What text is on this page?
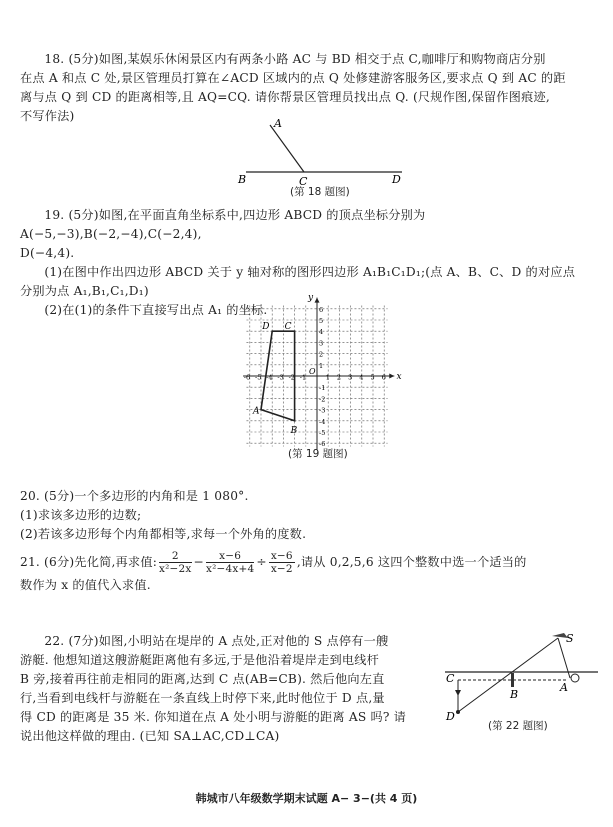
18. (5分)如图,某娱乐休闲景区内有两条小路 AC 与 BD 相交于点 C,咖啡厅和购物商店分别

在点 A 和点 C 处,景区管理员打算在∠ACD 区域内的点 Q 处修建游客服务区,要求点 Q 到 AC 的距

离与点 Q 到 CD 的距离相等,且 AQ=CQ. 请你帮景区管理员找出点 Q. (尺规作图,保留作图痕迹,

不写作法)

A
B	C	D
(第 18 题图)

19. (5分)如图,在平面直角坐标系中,四边形 ABCD 的顶点坐标分别为 A(−5,−3),B(−2,−4),C(−2,4),

D(−4,4).

(1)在图中作出四边形 ABCD 关于 y 轴对称的图形四边形 A₁B₁C₁D₁;(点 A、B、C、D 的对应点

分别为点 A₁,B₁,C₁,D₁)

(2)在(1)的条件下直接写出点 A₁ 的坐标.

-6 -5 -4 -3 -2 -1	1 2 3 4 5 6
6
5
4
3
2
1
-1
-2
-3
-4
-5
-6
x
y
O
A
B
C
D
(第 19 题图)

20. (5分)一个多边形的内角和是 1 080°.

(1)求该多边形的边数;

(2)若该多边形每个内角都相等,求每一个外角的度数.

21. (6分)先化简,再求值: $\frac{2}{\text{x²−2x}} - \frac{x-6}{\text{x²−4x+4}} \div \frac{x-6}{x-2}$ ,请从 0,2,5,6 这四个整数中选一个适当的

数作为 x 的值代入求值.

22. (7分)如图,小明站在堤岸的 A 点处,正对他的 S 点停有一艘

游艇. 他想知道这艘游艇距离他有多远,于是他沿着堤岸走到电线杆

B 旁,接着再往前走相同的距离,达到 C 点(AB=CB). 然后他向左直

行,当看到电线杆与游艇在一条直线上时停下来,此时他位于 D 点,量

得 CD 的距离是 35 米. 你知道在点 A 处小明与游艇的距离 AS 吗? 请

说出他这样做的理由. (已知 SA⊥AC,CD⊥CA)

S
A
B
C
D
(第 22 题图)
韩城市八年级数学期末试题 A− 3−(共 4 页)
